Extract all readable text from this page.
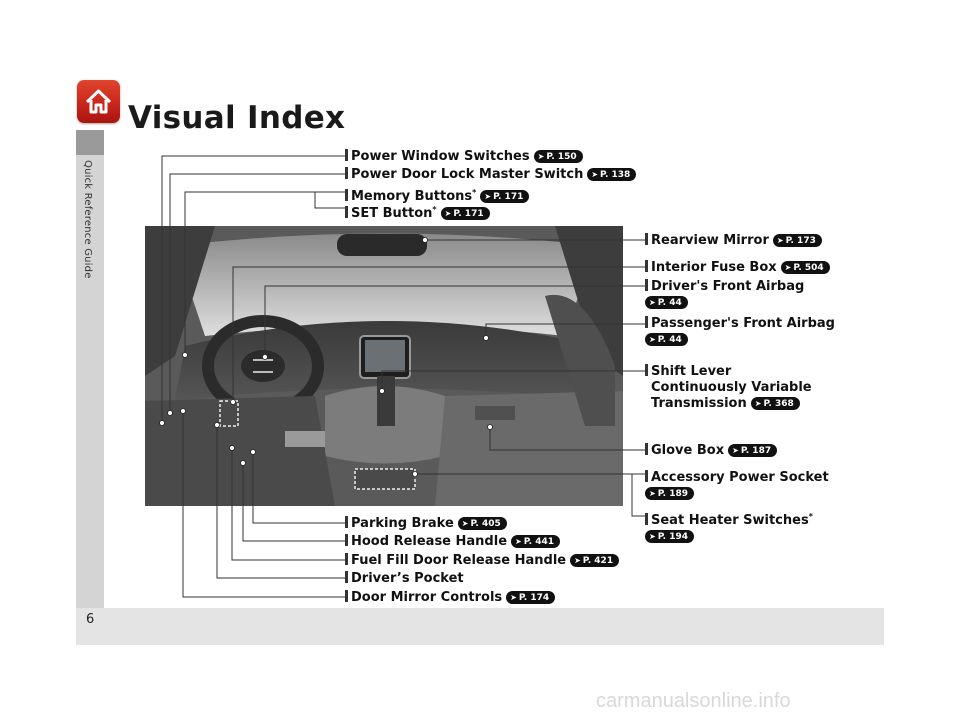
Quick Reference Guide
6
Visual Index
Power Window Switches ➤ P. 150
Power Door Lock Master Switch ➤ P. 138
Memory Buttons* ➤ P. 171
SET Button* ➤ P. 171
Rearview Mirror ➤ P. 173
Interior Fuse Box ➤ P. 504
Driver's Front Airbag
➤ P. 44
Passenger's Front Airbag
➤ P. 44
Shift Lever
Continuously Variable
Transmission ➤ P. 368
Glove Box ➤ P. 187
Accessory Power Socket
➤ P. 189
Seat Heater Switches*
➤ P. 194
Parking Brake ➤ P. 405
Hood Release Handle ➤ P. 441
Fuel Fill Door Release Handle ➤ P. 421
Driver’s Pocket
Door Mirror Controls ➤ P. 174
carmanualsonline.info
